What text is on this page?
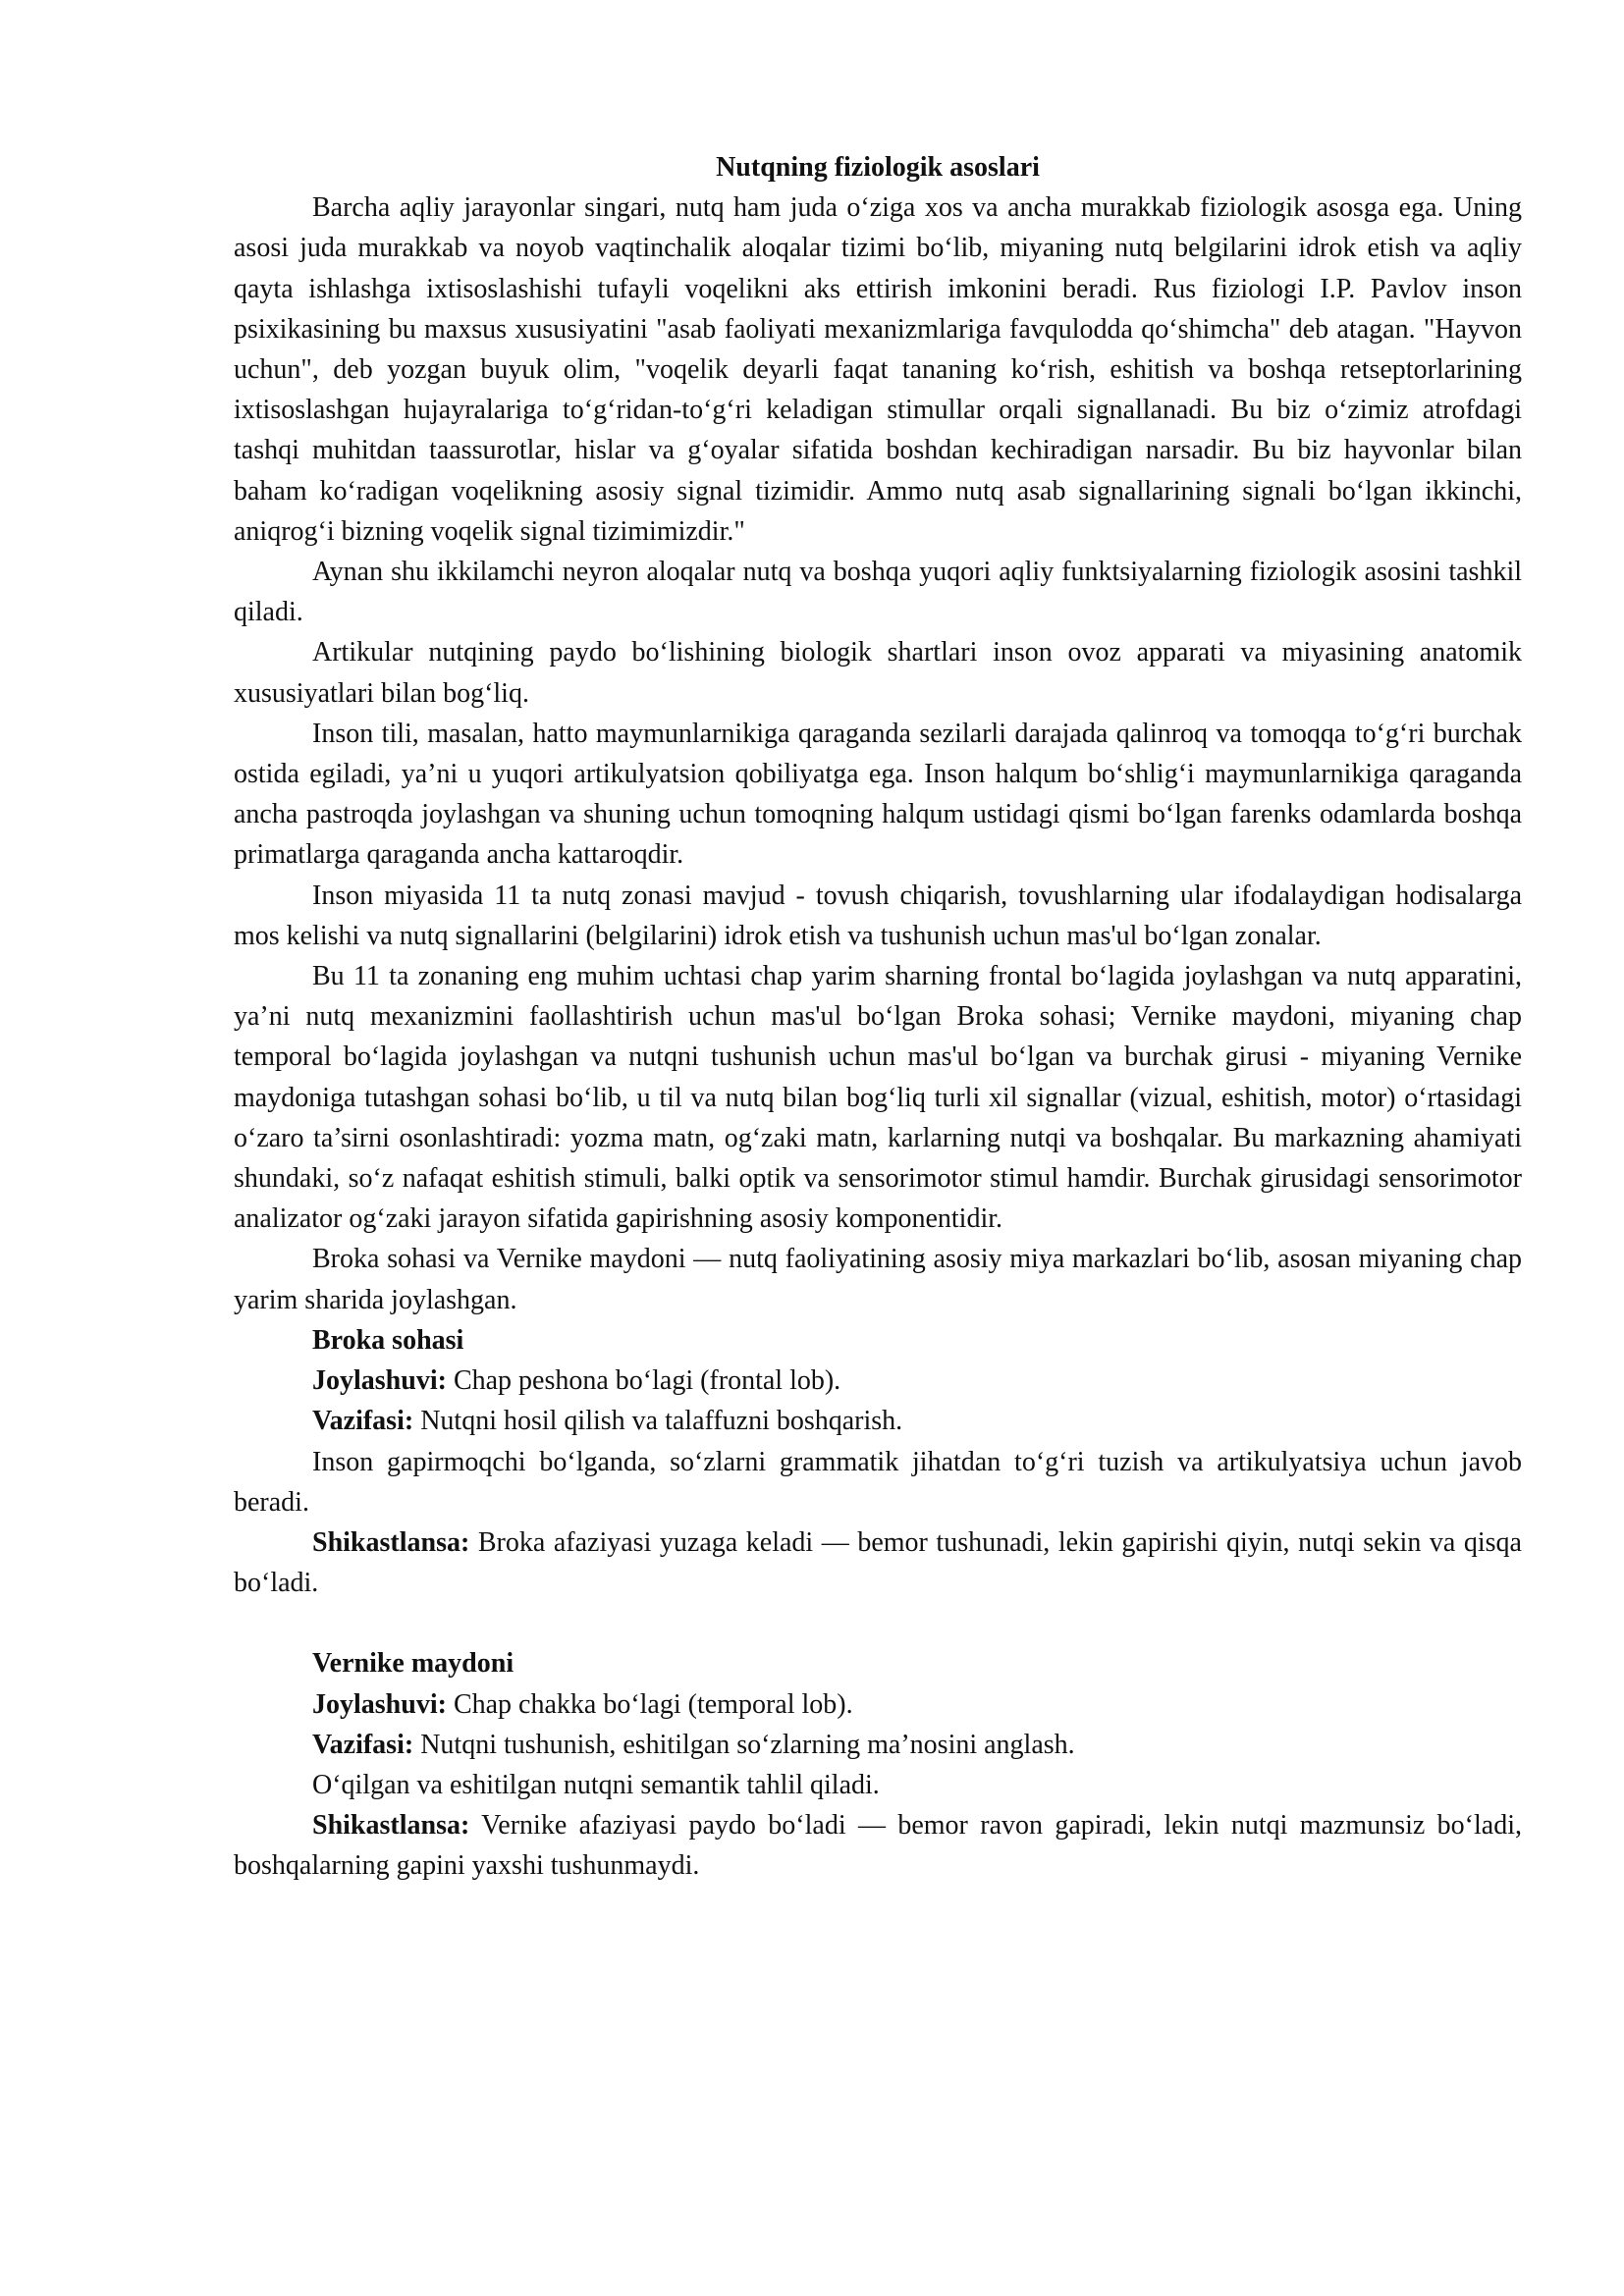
Nutqning fiziologik asoslari

Barcha aqliy jarayonlar singari, nutq ham juda o‘ziga xos va ancha murakkab fiziologik asosga ega. Uning asosi juda murakkab va noyob vaqtinchalik aloqalar tizimi bo‘lib, miyaning nutq belgilarini idrok etish va aqliy qayta ishlashga ixtisoslashishi tufayli voqelikni aks ettirish imkonini beradi. Rus fiziologi I.P. Pavlov inson psixikasining bu maxsus xususiyatini "asab faoliyati mexanizmlariga favqulodda qo‘shimcha" deb atagan. "Hayvon uchun", deb yozgan buyuk olim, "voqelik deyarli faqat tananing ko‘rish, eshitish va boshqa retseptorlarining ixtisoslashgan hujayralariga to‘g‘ridan-to‘g‘ri keladigan stimullar orqali signallanadi. Bu biz o‘zimiz atrofdagi tashqi muhitdan taassurotlar, hislar va g‘oyalar sifatida boshdan kechiradigan narsadir. Bu biz hayvonlar bilan baham ko‘radigan voqelikning asosiy signal tizimidir. Ammo nutq asab signallarining signali bo‘lgan ikkinchi, aniqrog‘i bizning voqelik signal tizimimizdir."

Aynan shu ikkilamchi neyron aloqalar nutq va boshqa yuqori aqliy funktsiyalarning fiziologik asosini tashkil qiladi.

Artikular nutqining paydo bo‘lishining biologik shartlari inson ovoz apparati va miyasining anatomik xususiyatlari bilan bog‘liq.

Inson tili, masalan, hatto maymunlarnikiga qaraganda sezilarli darajada qalinroq va tomoqqa to‘g‘ri burchak ostida egiladi, ya’ni u yuqori artikulyatsion qobiliyatga ega. Inson halqum bo‘shlig‘i maymunlarnikiga qaraganda ancha pastroqda joylashgan va shuning uchun tomoqning halqum ustidagi qismi bo‘lgan farenks odamlarda boshqa primatlarga qaraganda ancha kattaroqdir.

Inson miyasida 11 ta nutq zonasi mavjud - tovush chiqarish, tovushlarning ular ifodalaydigan hodisalarga mos kelishi va nutq signallarini (belgilarini) idrok etish va tushunish uchun mas'ul bo‘lgan zonalar.

Bu 11 ta zonaning eng muhim uchtasi chap yarim sharning frontal bo‘lagida joylashgan va nutq apparatini, ya’ni nutq mexanizmini faollashtirish uchun mas'ul bo‘lgan Broka sohasi; Vernike maydoni, miyaning chap temporal bo‘lagida joylashgan va nutqni tushunish uchun mas'ul bo‘lgan va burchak girusi - miyaning Vernike maydoniga tutashgan sohasi bo‘lib, u til va nutq bilan bog‘liq turli xil signallar (vizual, eshitish, motor) o‘rtasidagi o‘zaro ta’sirni osonlashtiradi: yozma matn, og‘zaki matn, karlarning nutqi va boshqalar. Bu markazning ahamiyati shundaki, so‘z nafaqat eshitish stimuli, balki optik va sensorimotor stimul hamdir. Burchak girusidagi sensorimotor analizator og‘zaki jarayon sifatida gapirishning asosiy komponentidir.

Broka sohasi va Vernike maydoni — nutq faoliyatining asosiy miya markazlari bo‘lib, asosan miyaning chap yarim sharida joylashgan.

Broka sohasi

Joylashuvi: Chap peshona bo‘lagi (frontal lob).

Vazifasi: Nutqni hosil qilish va talaffuzni boshqarish.

Inson gapirmoqchi bo‘lganda, so‘zlarni grammatik jihatdan to‘g‘ri tuzish va artikulyatsiya uchun javob beradi.

Shikastlansa: Broka afaziyasi yuzaga keladi — bemor tushunadi, lekin gapirishi qiyin, nutqi sekin va qisqa bo‘ladi.

Vernike maydoni

Joylashuvi: Chap chakka bo‘lagi (temporal lob).

Vazifasi: Nutqni tushunish, eshitilgan so‘zlarning ma’nosini anglash.

O‘qilgan va eshitilgan nutqni semantik tahlil qiladi.

Shikastlansa: Vernike afaziyasi paydo bo‘ladi — bemor ravon gapiradi, lekin nutqi mazmunsiz bo‘ladi, boshqalarning gapini yaxshi tushunmaydi.
